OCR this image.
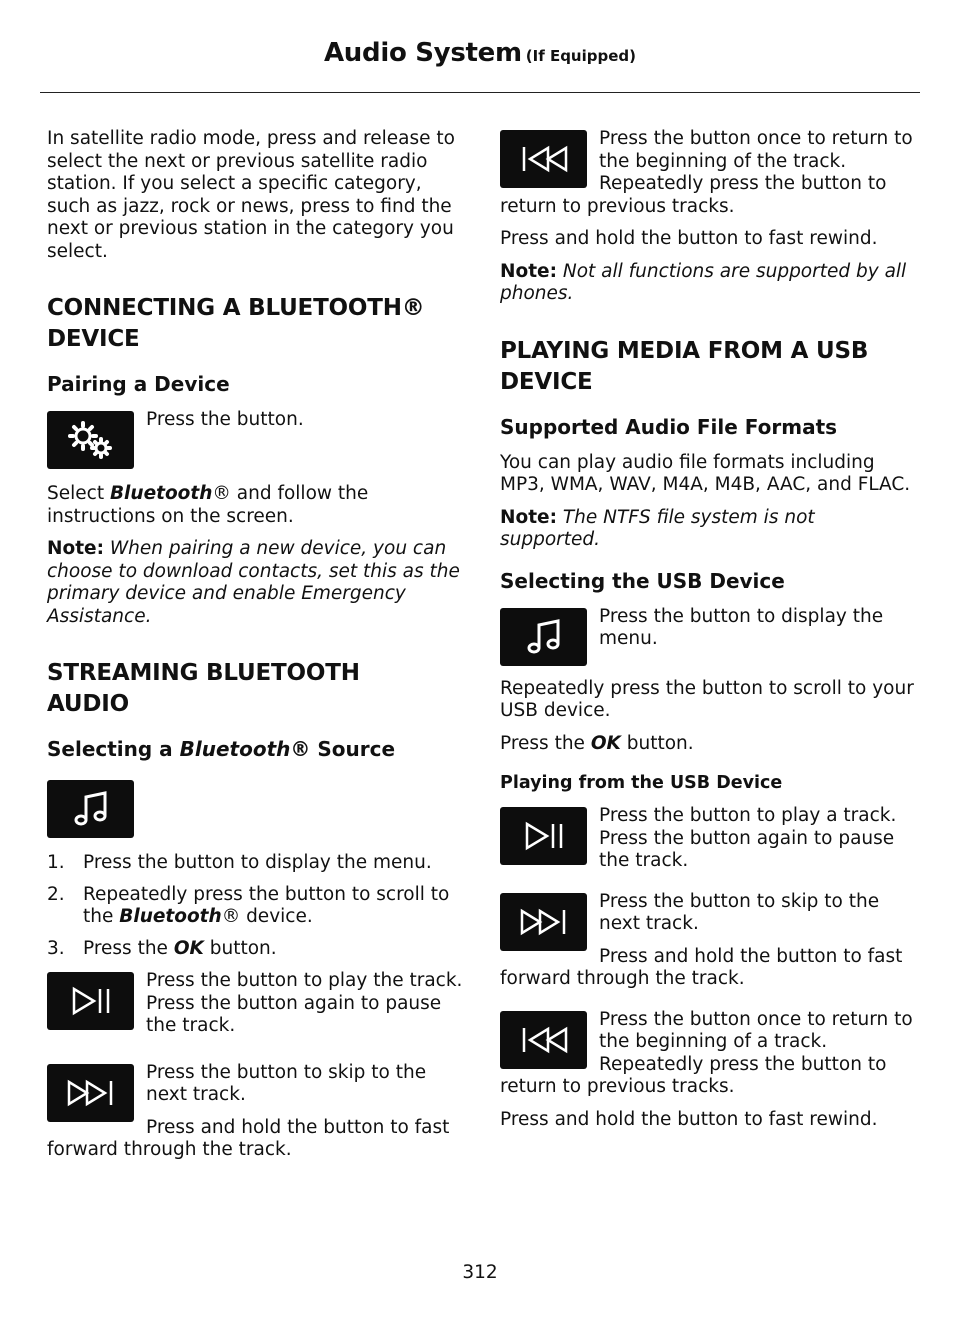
Audio System (If Equipped)

In satellite radio mode, press and release to select the next or previous satellite radio station. If you select a specific category, such as jazz, rock or news, press to find the next or previous station in the category you select.

CONNECTING A BLUETOOTH®
DEVICE
Pairing a Device

Press the button.

Select Bluetooth® and follow the instructions on the screen.

Note: When pairing a new device, you can choose to download contacts, set this as the primary device and enable Emergency Assistance.

STREAMING BLUETOOTH
AUDIO
Selecting a Bluetooth® Source
1. Press the button to display the menu.
2. Repeatedly press the button to scroll to the Bluetooth® device.
3. Press the OK button.

Press the button to play the track. Press the button again to pause the track.

Press the button to skip to the next track.

Press and hold the button to fast forward through the track.

Press the button once to return to the beginning of the track. Repeatedly press the button to return to previous tracks.

Press and hold the button to fast rewind.

Note: Not all functions are supported by all phones.

PLAYING MEDIA FROM A USB
DEVICE
Supported Audio File Formats

You can play audio file formats including MP3, WMA, WAV, M4A, M4B, AAC, and FLAC.

Note: The NTFS file system is not supported.

Selecting the USB Device

Press the button to display the menu.

Repeatedly press the button to scroll to your USB device.

Press the OK button.

Playing from the USB Device

Press the button to play a track. Press the button again to pause the track.

Press the button to skip to the next track.

Press and hold the button to fast forward through the track.

Press the button once to return to the beginning of a track. Repeatedly press the button to return to previous tracks.

Press and hold the button to fast rewind.

312
